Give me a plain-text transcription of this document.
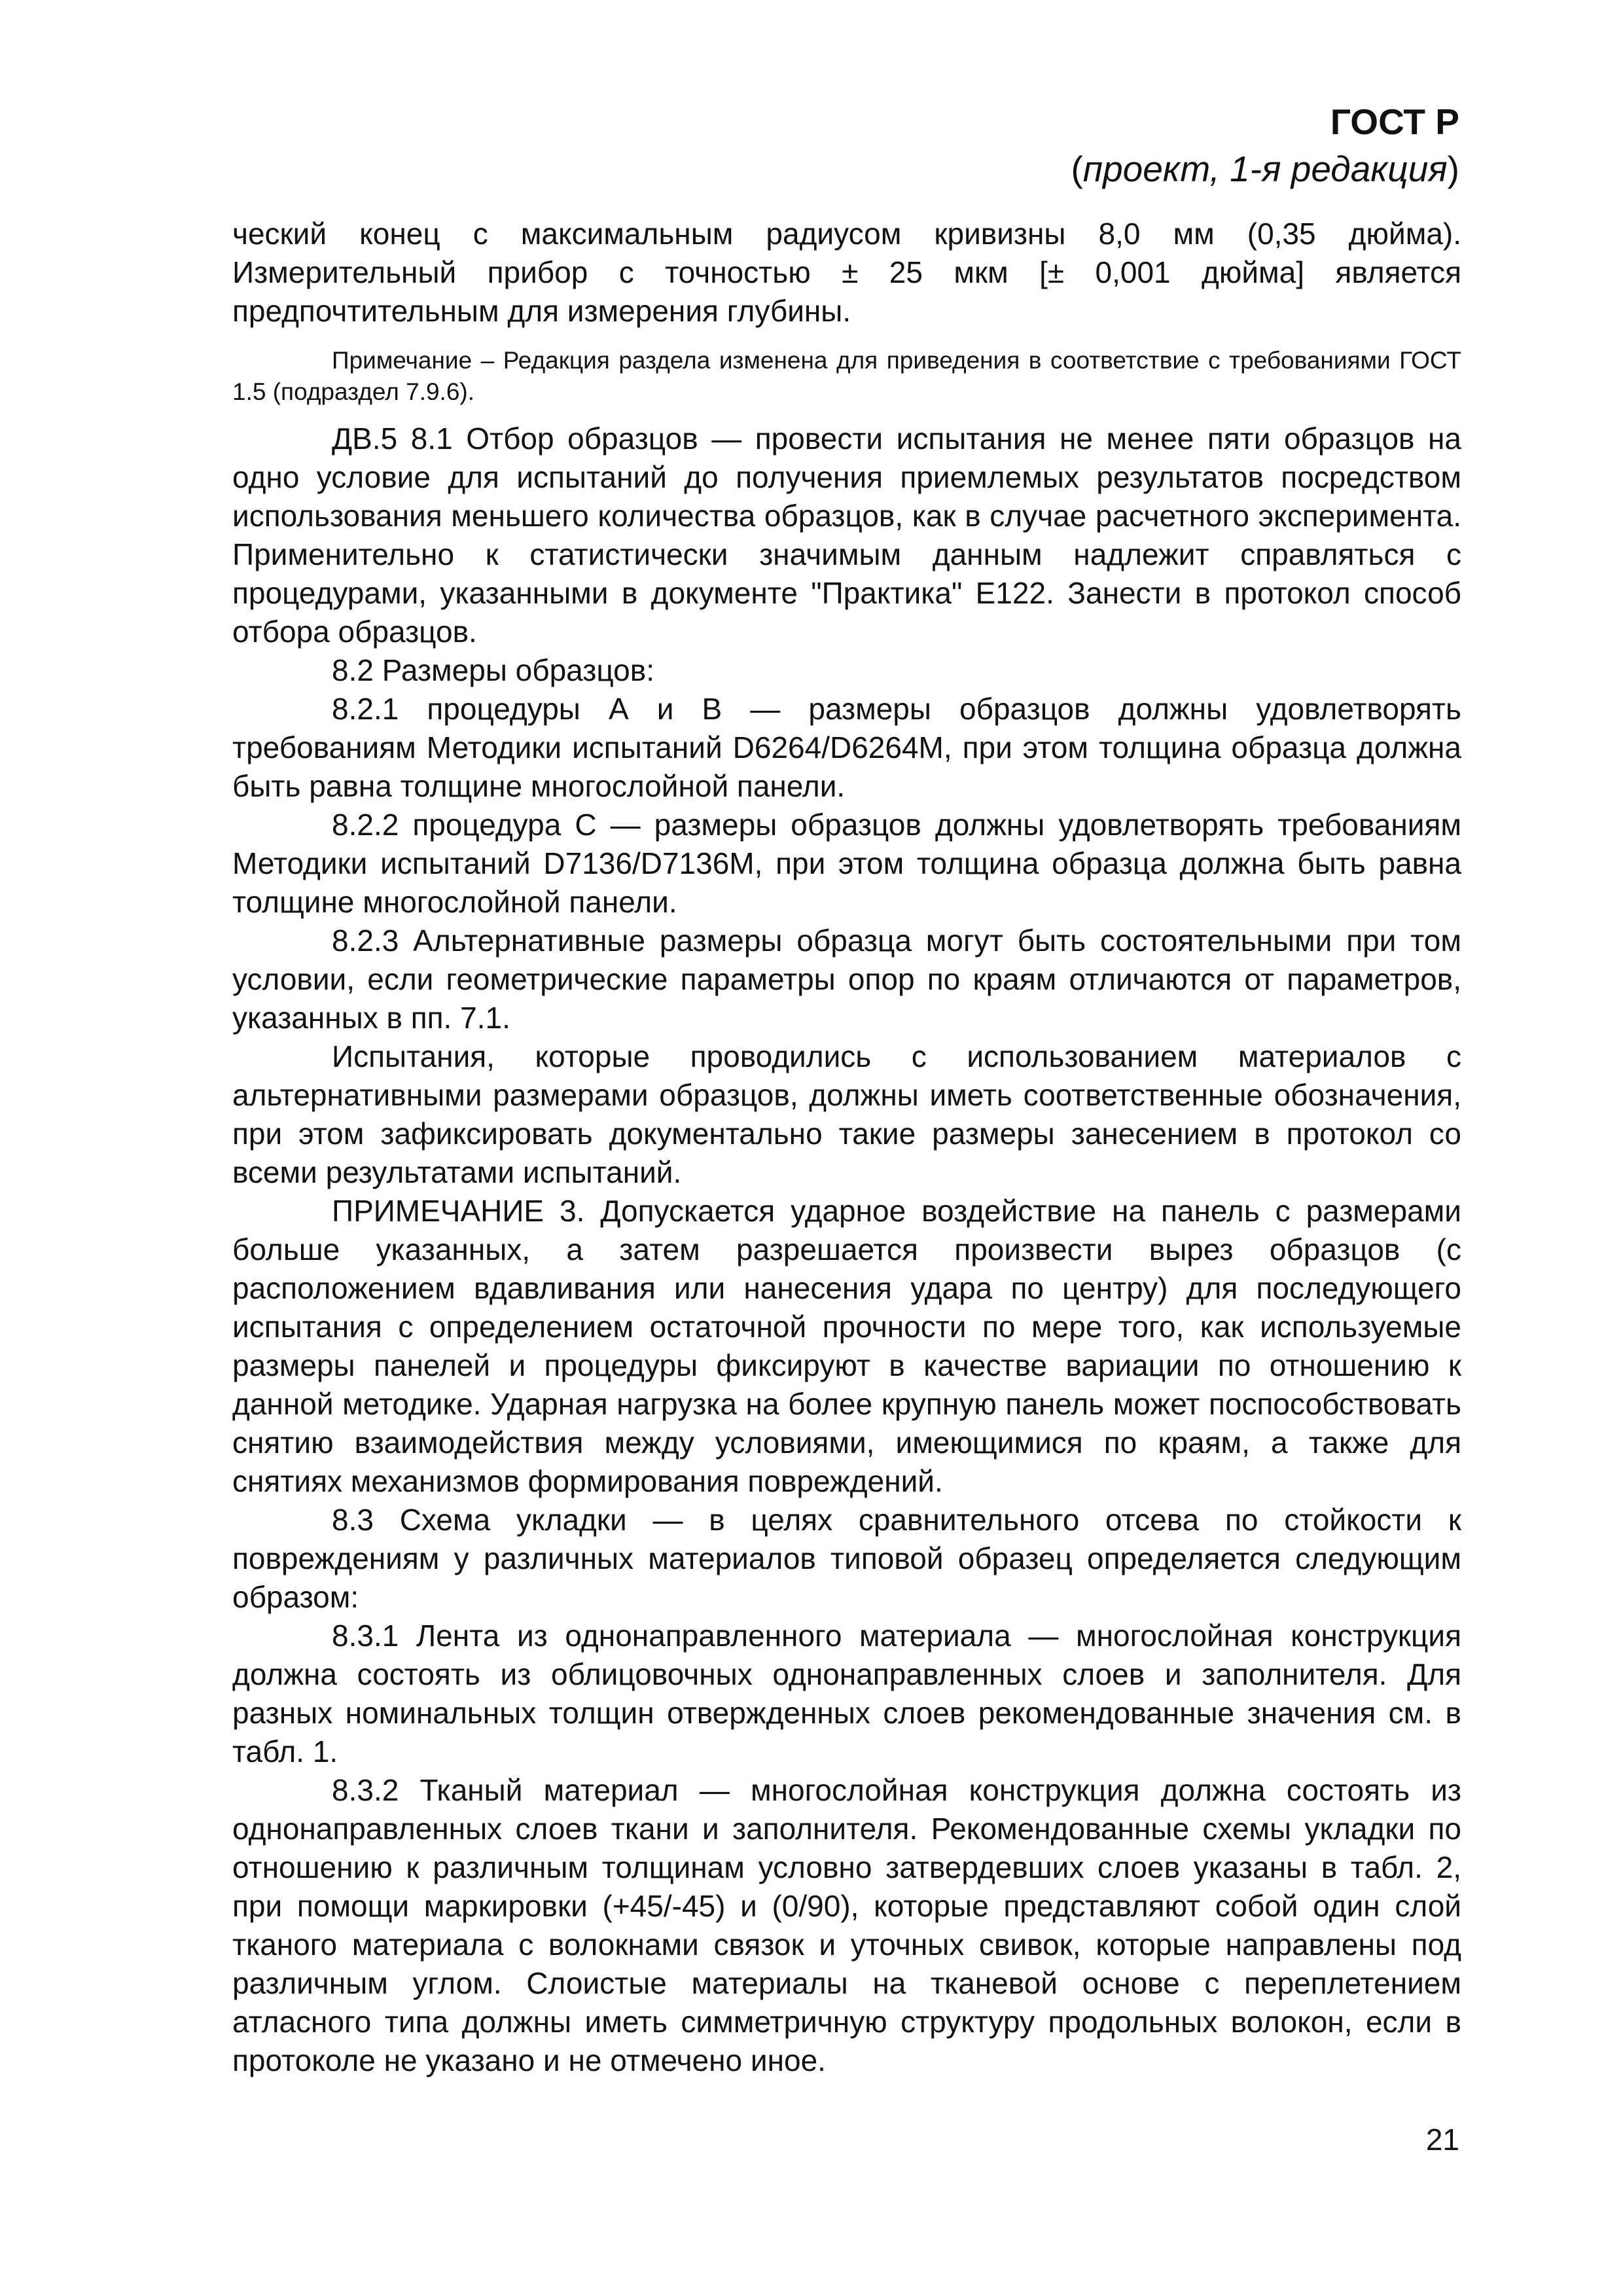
ГОСТ Р
(проект, 1-я редакция)

ческий конец с максимальным радиусом кривизны 8,0 мм (0,35 дюйма). Измерительный прибор с точностью ± 25 мкм [± 0,001 дюйма] является предпочтительным для измерения глубины.

Примечание – Редакция раздела изменена для приведения в соответствие с требованиями ГОСТ 1.5 (подраздел 7.9.6).

ДВ.5 8.1 Отбор образцов — провести испытания не менее пяти образцов на одно условие для испытаний до получения приемлемых результатов посредством использования меньшего количества образцов, как в случае расчетного эксперимента. Применительно к статистически значимым данным надлежит справляться с процедурами, указанными в документе "Практика" E122. Занести в протокол способ отбора образцов.

8.2 Размеры образцов:

8.2.1 процедуры А и В — размеры образцов должны удовлетворять требованиям Методики испытаний D6264/D6264M, при этом толщина образца должна быть равна толщине многослойной панели.

8.2.2 процедура С — размеры образцов должны удовлетворять требованиям Методики испытаний D7136/D7136M, при этом толщина образца должна быть равна толщине многослойной панели.

8.2.3 Альтернативные размеры образца могут быть состоятельными при том условии, если геометрические параметры опор по краям отличаются от параметров, указанных в пп. 7.1.

Испытания, которые проводились с использованием материалов с альтернативными размерами образцов, должны иметь соответственные обозначения, при этом зафиксировать документально такие размеры занесением в протокол со всеми результатами испытаний.

ПРИМЕЧАНИЕ 3. Допускается ударное воздействие на панель с размерами больше указанных, а затем разрешается произвести вырез образцов (с расположением вдавливания или нанесения удара по центру) для последующего испытания с определением остаточной прочности по мере того, как используемые размеры панелей и процедуры фиксируют в качестве вариации по отношению к данной методике. Ударная нагрузка на более крупную панель может поспособствовать снятию взаимодействия между условиями, имеющимися по краям, а также для снятиях механизмов формирования повреждений.

8.3 Схема укладки — в целях сравнительного отсева по стойкости к повреждениям у различных материалов типовой образец определяется следующим образом:

8.3.1 Лента из однонаправленного материала — многослойная конструкция должна состоять из облицовочных однонаправленных слоев и заполнителя. Для разных номинальных толщин отвержденных слоев рекомендованные значения см. в табл. 1.

8.3.2 Тканый материал — многослойная конструкция должна состоять из однонаправленных слоев ткани и заполнителя. Рекомендованные схемы укладки по отношению к различным толщинам условно затвердевших слоев указаны в табл. 2, при помощи маркировки (+45/-45) и (0/90), которые представляют собой один слой тканого материала с волокнами связок и уточных свивок, которые направлены под различным углом. Слоистые материалы на тканевой основе с переплетением атласного типа должны иметь симметричную структуру продольных волокон, если в протоколе не указано и не отмечено иное.

21
